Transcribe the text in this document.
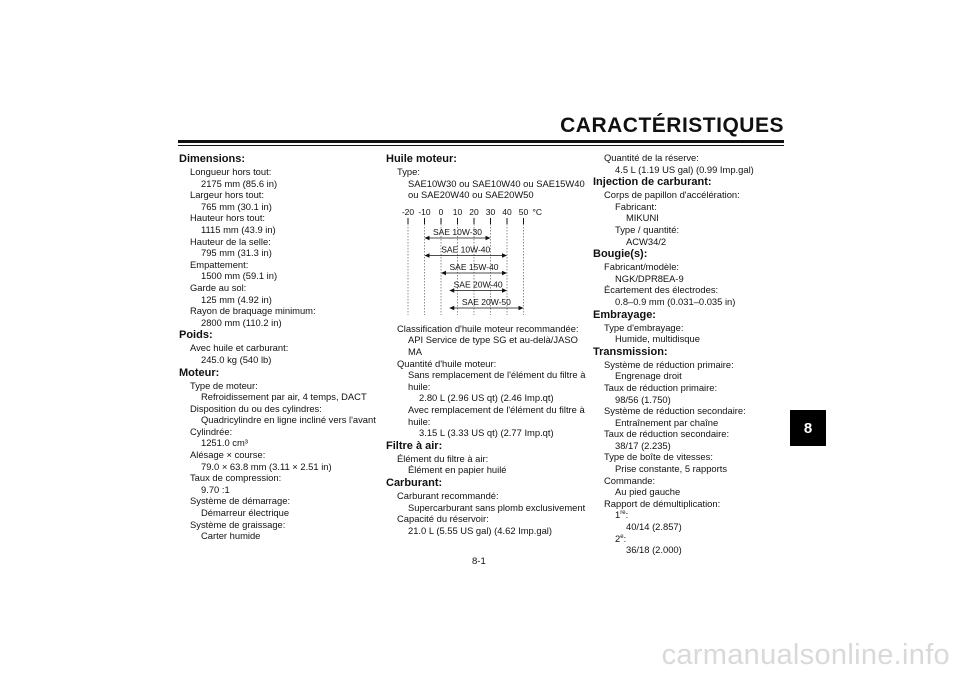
CARACTÉRISTIQUES
Dimensions:
Longueur hors tout:
2175 mm (85.6 in)
Largeur hors tout:
765 mm (30.1 in)
Hauteur hors tout:
1115 mm (43.9 in)
Hauteur de la selle:
795 mm (31.3 in)
Empattement:
1500 mm (59.1 in)
Garde au sol:
125 mm (4.92 in)
Rayon de braquage minimum:
2800 mm (110.2 in)
Poids:
Avec huile et carburant:
245.0 kg (540 lb)
Moteur:
Type de moteur:
Refroidissement par air, 4 temps, DACT
Disposition du ou des cylindres:
Quadricylindre en ligne incliné vers l'avant
Cylindrée:
1251.0 cm³
Alésage × course:
79.0 × 63.8 mm (3.11 × 2.51 in)
Taux de compression:
9.70 :1
Système de démarrage:
Démarreur électrique
Système de graissage:
Carter humide
Huile moteur:
Type:
SAE10W30 ou SAE10W40 ou SAE15W40
ou SAE20W40 ou SAE20W50
-20 -10 0 10 20 30 40 50 °C
SAE 10W-30
SAE 10W-40
SAE 15W-40
SAE 20W-40
SAE 20W-50
Classification d'huile moteur recommandée:
API Service de type SG et au-delà/JASO
MA
Quantité d'huile moteur:
Sans remplacement de l'élément du filtre à
huile:
2.80 L (2.96 US qt) (2.46 Imp.qt)
Avec remplacement de l'élément du filtre à
huile:
3.15 L (3.33 US qt) (2.77 Imp.qt)
Filtre à air:
Élément du filtre à air:
Élément en papier huilé
Carburant:
Carburant recommandé:
Supercarburant sans plomb exclusivement
Capacité du réservoir:
21.0 L (5.55 US gal) (4.62 Imp.gal)
Quantité de la réserve:
4.5 L (1.19 US gal) (0.99 Imp.gal)
Injection de carburant:
Corps de papillon d'accélération:
Fabricant:
MIKUNI
Type / quantité:
ACW34/2
Bougie(s):
Fabricant/modèle:
NGK/DPR8EA-9
Écartement des électrodes:
0.8–0.9 mm (0.031–0.035 in)
Embrayage:
Type d'embrayage:
Humide, multidisque
Transmission:
Système de réduction primaire:
Engrenage droit
Taux de réduction primaire:
98/56 (1.750)
Système de réduction secondaire:
Entraînement par chaîne
Taux de réduction secondaire:
38/17 (2.235)
Type de boîte de vitesses:
Prise constante, 5 rapports
Commande:
Au pied gauche
Rapport de démultiplication:
1re:
40/14 (2.857)
2e:
36/18 (2.000)
8-1
8
carmanualsonline.info
